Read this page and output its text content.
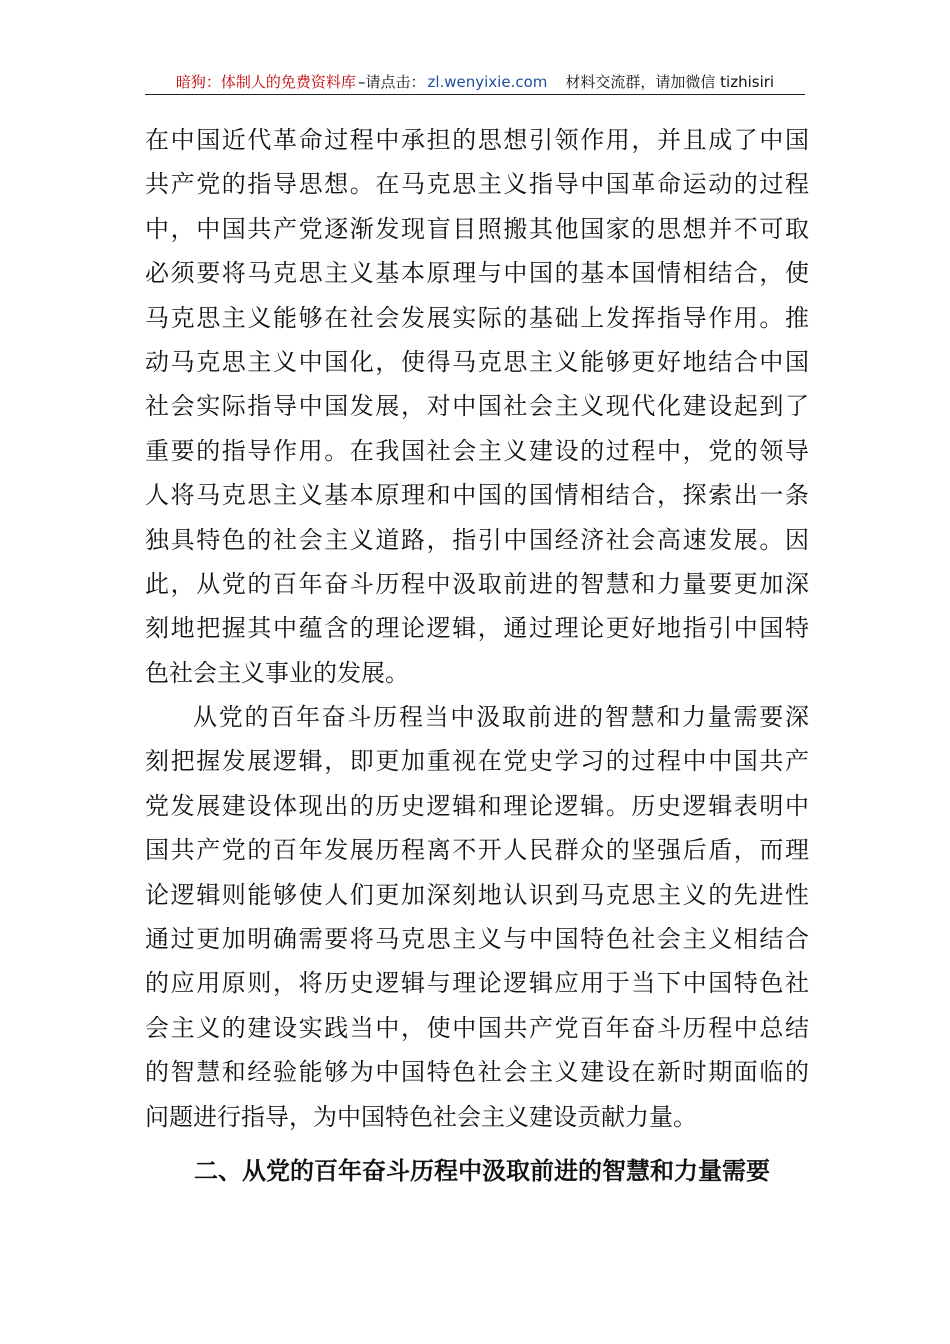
暗狗：体制人的免费资料库 –请点击： zl.wenyixie.com 材料交流群，请加微信 tizhisiri
在中国近代革命过程中承担的思想引领作用，并且成了中国
共产党的指导思想。在马克思主义指导中国革命运动的过程
中，中国共产党逐渐发现盲目照搬其他国家的思想并不可取
必须要将马克思主义基本原理与中国的基本国情相结合，使
马克思主义能够在社会发展实际的基础上发挥指导作用。推
动马克思主义中国化，使得马克思主义能够更好地结合中国
社会实际指导中国发展，对中国社会主义现代化建设起到了
重要的指导作用。在我国社会主义建设的过程中，党的领导
人将马克思主义基本原理和中国的国情相结合，探索出一条
独具特色的社会主义道路，指引中国经济社会高速发展。因
此，从党的百年奋斗历程中汲取前进的智慧和力量要更加深
刻地把握其中蕴含的理论逻辑，通过理论更好地指引中国特
色社会主义事业的发展。
从党的百年奋斗历程当中汲取前进的智慧和力量需要深
刻把握发展逻辑，即更加重视在党史学习的过程中中国共产
党发展建设体现出的历史逻辑和理论逻辑。历史逻辑表明中
国共产党的百年发展历程离不开人民群众的坚强后盾，而理
论逻辑则能够使人们更加深刻地认识到马克思主义的先进性
通过更加明确需要将马克思主义与中国特色社会主义相结合
的应用原则，将历史逻辑与理论逻辑应用于当下中国特色社
会主义的建设实践当中，使中国共产党百年奋斗历程中总结
的智慧和经验能够为中国特色社会主义建设在新时期面临的
问题进行指导，为中国特色社会主义建设贡献力量。
二、从党的百年奋斗历程中汲取前进的智慧和力量需要
